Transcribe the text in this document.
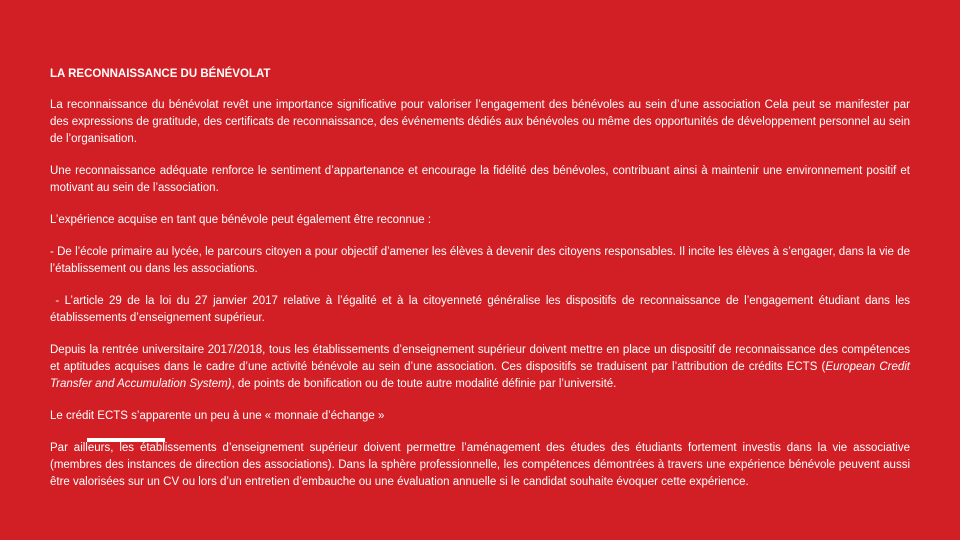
LA RECONNAISSANCE DU BÉNÉVOLAT

La reconnaissance du bénévolat revêt une importance significative pour valoriser l’engagement des bénévoles au sein d’une association Cela peut se manifester par des expressions de gratitude, des certificats de reconnaissance, des événements dédiés aux bénévoles ou même des opportunités de développement personnel au sein de l’organisation.

Une reconnaissance adéquate renforce le sentiment d’appartenance et encourage la fidélité des bénévoles, contribuant ainsi à maintenir une environnement positif et motivant au sein de l’association.

L’expérience acquise en tant que bénévole peut également être reconnue :

- De l’école primaire au lycée, le parcours citoyen a pour objectif d’amener les élèves à devenir des citoyens responsables. Il incite les élèves à s’engager, dans la vie de l’établissement ou dans les associations.

- L’article 29 de la loi du 27 janvier 2017 relative à l’égalité et à la citoyenneté généralise les dispositifs de reconnaissance de l’engagement étudiant dans les établissements d’enseignement supérieur.

Depuis la rentrée universitaire 2017/2018, tous les établissements d’enseignement supérieur doivent mettre en place un dispositif de reconnaissance des compétences et aptitudes acquises dans le cadre d’une activité bénévole au sein d’une association. Ces dispositifs se traduisent par l’attribution de crédits ECTS (European Credit Transfer and Accumulation System), de points de bonification ou de toute autre modalité définie par l’université.

Le crédit ECTS s’apparente un peu à une « monnaie d’échange »

Par ailleurs, les établissements d’enseignement supérieur doivent permettre l’aménagement des études des étudiants fortement investis dans la vie associative (membres des instances de direction des associations). Dans la sphère professionnelle, les compétences démontrées à travers une expérience bénévole peuvent aussi être valorisées sur un CV ou lors d’un entretien d’embauche ou une évaluation annuelle si le candidat souhaite évoquer cette expérience.
